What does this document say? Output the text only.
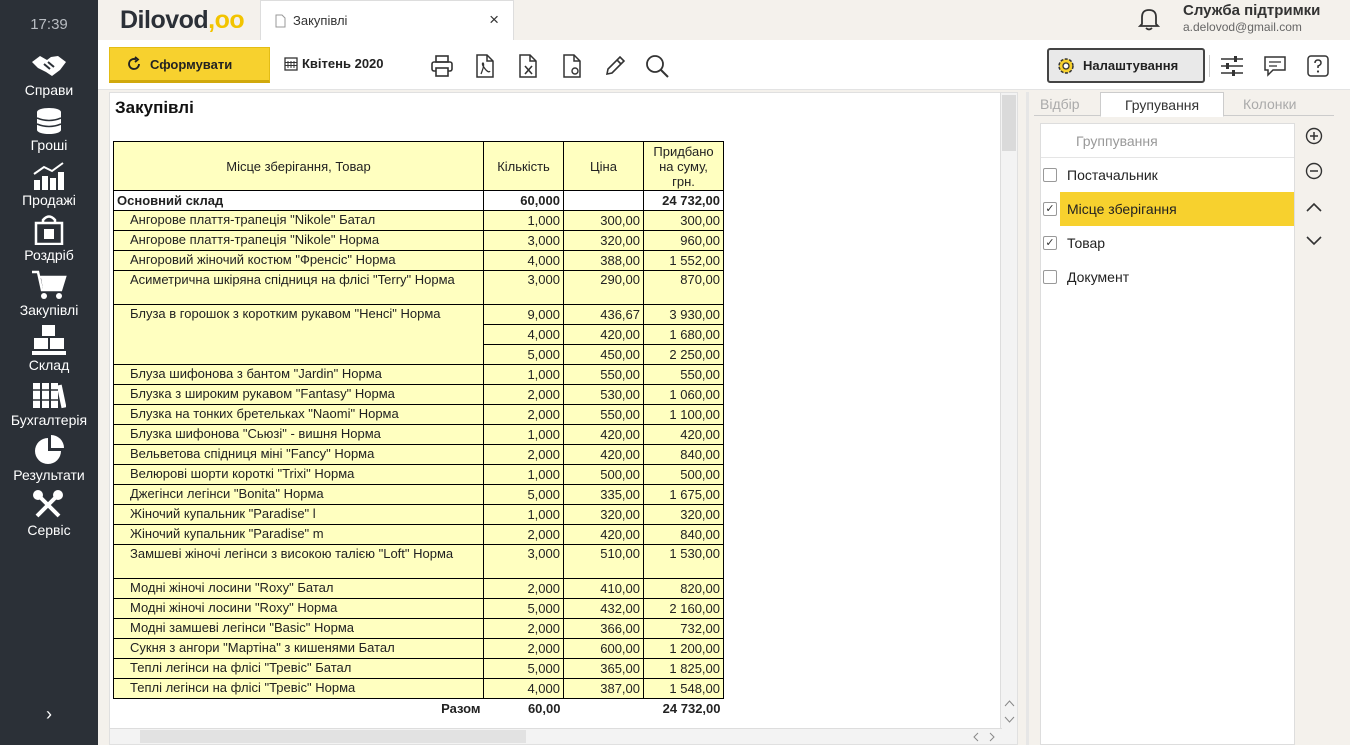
17:39
Справи
Гроші
Продажі
Роздріб
Закупівлі
Склад
Бухгалтерія
Результати
Сервіс
›
Dilovod,oo	Закупівлі	×	Служба підтримки
a.delovod@gmail.com
Сформувати	Квітень 2020	Налаштування
Закупівлі
Місце зберігання, Товар	Кількість	Ціна	Придбано на суму, грн.
Основний склад	60,000		24 732,00
Ангорове плаття-трапеція "Nikole" Батал	1,000	300,00	300,00
Ангорове плаття-трапеція "Nikole" Норма	3,000	320,00	960,00
Ангоровий жіночий костюм "Френсіс" Норма	4,000	388,00	1 552,00
Асиметрична шкіряна спідниця на флісі "Terry" Норма	3,000	290,00	870,00
Блуза в горошок з коротким рукавом "Ненсі" Норма	9,000	436,67	3 930,00
	4,000	420,00	1 680,00
	5,000	450,00	2 250,00
Блуза шифонова з бантом "Jardin" Норма	1,000	550,00	550,00
Блузка з широким рукавом "Fantasy" Норма	2,000	530,00	1 060,00
Блузка на тонких бретельках "Naomi" Норма	2,000	550,00	1 100,00
Блузка шифонова "Сьюзі" - вишня Норма	1,000	420,00	420,00
Вельветова спідниця міні "Fancy" Норма	2,000	420,00	840,00
Велюрові шорти короткі "Trixi" Норма	1,000	500,00	500,00
Джегінси легінси "Bonita" Норма	5,000	335,00	1 675,00
Жіночий купальник "Paradise" l	1,000	320,00	320,00
Жіночий купальник "Paradise" m	2,000	420,00	840,00
Замшеві жіночі легінси з високою талією "Loft" Норма	3,000	510,00	1 530,00
Модні жіночі лосини "Roxy" Батал	2,000	410,00	820,00
Модні жіночі лосини "Roxy" Норма	5,000	432,00	2 160,00
Модні замшеві легінси "Basic" Норма	2,000	366,00	732,00
Сукня з ангори "Мартіна" з кишенями Батал	2,000	600,00	1 200,00
Теплі легінси на флісі "Тревіс" Батал	5,000	365,00	1 825,00
Теплі легінси на флісі "Тревіс" Норма	4,000	387,00	1 548,00
Разом	60,00		24 732,00
Відбір	Групування	Колонки
Группування
Постачальник
✓ Місце зберігання
✓ Товар
Документ
